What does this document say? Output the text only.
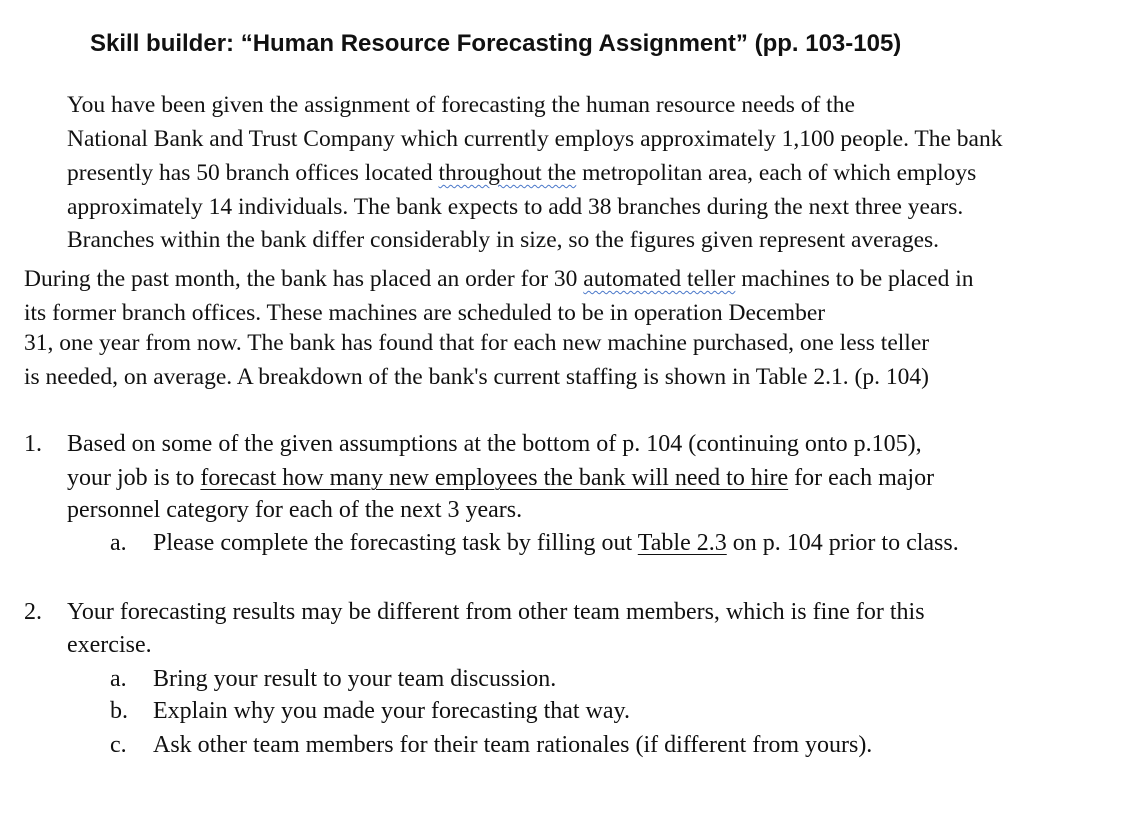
Skill builder: “Human Resource Forecasting Assignment” (pp. 103-105)
You have been given the assignment of forecasting the human resource needs of the
National Bank and Trust Company which currently employs approximately 1,100 people. The bank
presently has 50 branch offices located throughout the metropolitan area, each of which employs
approximately 14 individuals. The bank expects to add 38 branches during the next three years.
Branches within the bank differ considerably in size, so the figures given represent averages.
During the past month, the bank has placed an order for 30 automated teller machines to be placed in
its former branch offices. These machines are scheduled to be in operation December
31, one year from now. The bank has found that for each new machine purchased, one less teller
is needed, on average. A breakdown of the bank's current staffing is shown in Table 2.1. (p. 104)
1. Based on some of the given assumptions at the bottom of p. 104 (continuing onto p.105),
your job is to forecast how many new employees the bank will need to hire for each major
personnel category for each of the next 3 years.
a. Please complete the forecasting task by filling out Table 2.3 on p. 104 prior to class.
2. Your forecasting results may be different from other team members, which is fine for this
exercise.
a. Bring your result to your team discussion.
b. Explain why you made your forecasting that way.
c. Ask other team members for their team rationales (if different from yours).
